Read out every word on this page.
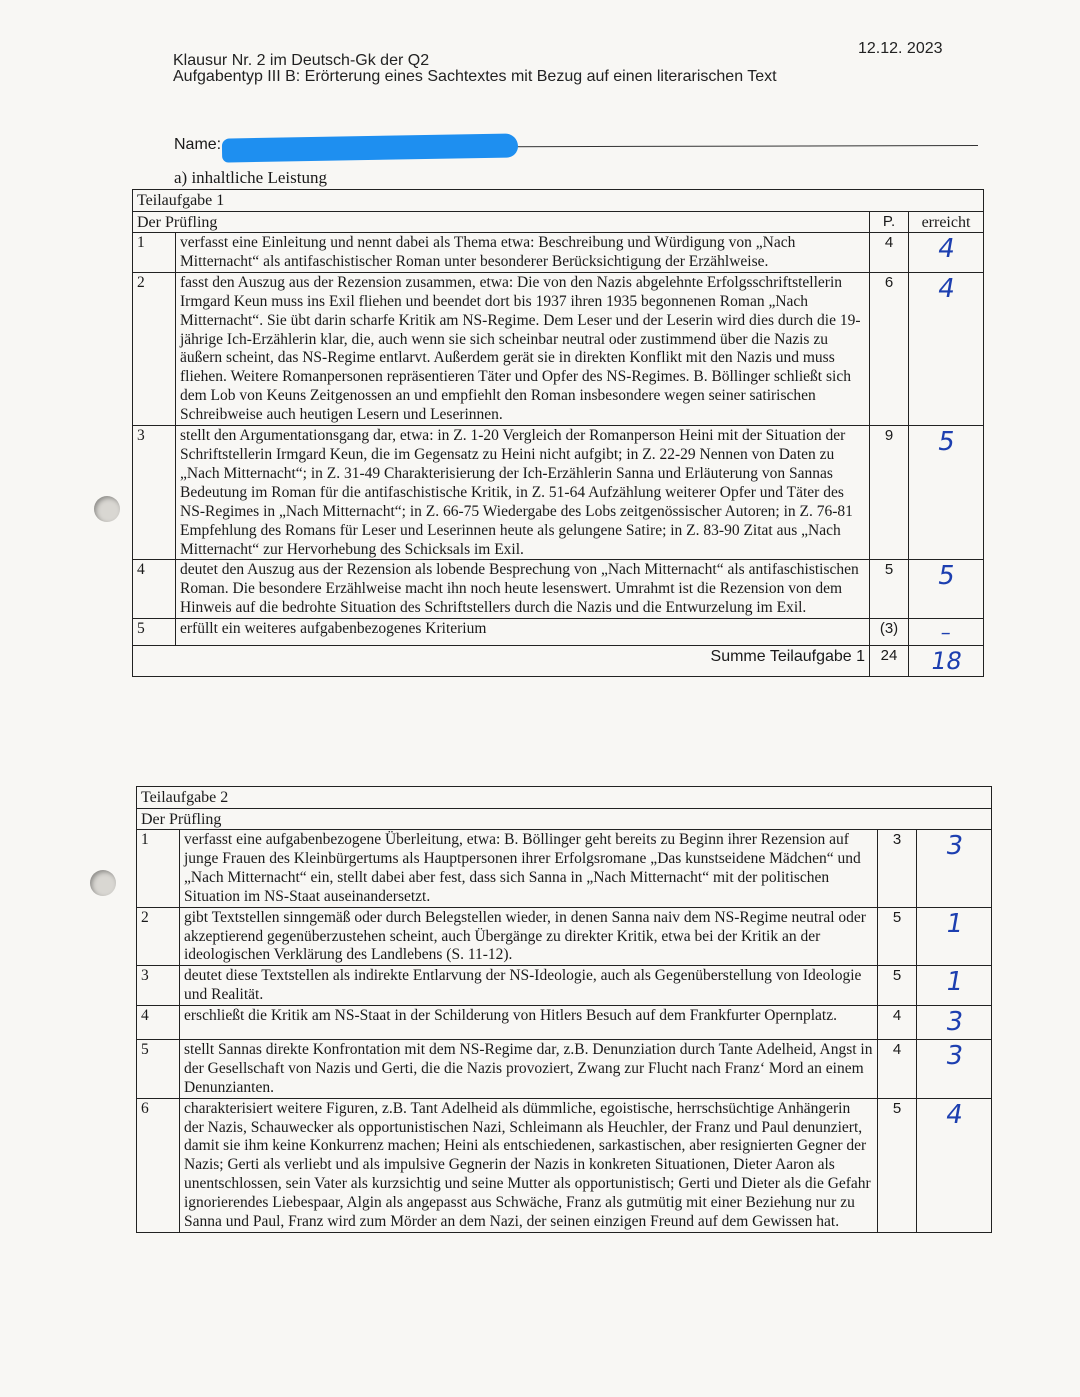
Klausur Nr. 2 im Deutsch-Gk der Q2
Aufgabentyp III B: Erörterung eines Sachtextes mit Bezug auf einen literarischen Text
12.12. 2023
Name:
a) inhaltliche Leistung
Teilaufgabe 1			
Der Prüfling		P.	erreicht
1	verfasst eine Einleitung und nennt dabei als Thema etwa: Beschreibung und Würdigung von „Nach Mitternacht“ als antifaschistischer Roman unter besonderer Berücksichtigung der Erzählweise.	4	4
2	fasst den Auszug aus der Rezension zusammen, etwa: Die von den Nazis abgelehnte Erfolgsschriftstellerin Irmgard Keun muss ins Exil fliehen und beendet dort bis 1937 ihren 1935 begonnenen Roman „Nach Mitternacht“. Sie übt darin scharfe Kritik am NS-Regime. Dem Leser und der Leserin wird dies durch die 19-jährige Ich-Erzählerin klar, die, auch wenn sie sich scheinbar neutral oder zustimmend über die Nazis zu äußern scheint, das NS-Regime entlarvt. Außerdem gerät sie in direkten Konflikt mit den Nazis und muss fliehen. Weitere Romanpersonen repräsentieren Täter und Opfer des NS-Regimes. B. Böllinger schließt sich dem Lob von Keuns Zeitgenossen an und empfiehlt den Roman insbesondere wegen seiner satirischen Schreibweise auch heutigen Lesern und Leserinnen.	6	4
3	stellt den Argumentationsgang dar, etwa: in Z. 1-20 Vergleich der Romanperson Heini mit der Situation der Schriftstellerin Irmgard Keun, die im Gegensatz zu Heini nicht aufgibt; in Z. 22-29 Nennen von Daten zu „Nach Mitternacht“; in Z. 31-49 Charakterisierung der Ich-Erzählerin Sanna und Erläuterung von Sannas Bedeutung im Roman für die antifaschistische Kritik, in Z. 51-64 Aufzählung weiterer Opfer und Täter des NS-Regimes in „Nach Mitternacht“; in Z. 66-75 Wiedergabe des Lobs zeitgenössischer Autoren; in Z. 76-81 Empfehlung des Romans für Leser und Leserinnen heute als gelungene Satire; in Z. 83-90 Zitat aus „Nach Mitternacht“ zur Hervorhebung des Schicksals im Exil.	9	5
4	deutet den Auszug aus der Rezension als lobende Besprechung von „Nach Mitternacht“ als antifaschistischen Roman. Die besondere Erzählweise macht ihn noch heute lesenswert. Umrahmt ist die Rezension von dem Hinweis auf die bedrohte Situation des Schriftstellers durch die Nazis und die Entwurzelung im Exil.	5	5
5	erfüllt ein weiteres aufgabenbezogenes Kriterium	(3)	–
Summe Teilaufgabe 1		24	18
Teilaufgabe 2			
Der Prüfling			
1	verfasst eine aufgabenbezogene Überleitung, etwa: B. Böllinger geht bereits zu Beginn ihrer Rezension auf junge Frauen des Kleinbürgertums als Hauptpersonen ihrer Erfolgsromane „Das kunstseidene Mädchen“ und „Nach Mitternacht“ ein, stellt dabei aber fest, dass sich Sanna in „Nach Mitternacht“ mit der politischen Situation im NS-Staat auseinandersetzt.	3	3
2	gibt Textstellen sinngemäß oder durch Belegstellen wieder, in denen Sanna naiv dem NS-Regime neutral oder akzeptierend gegenüberzustehen scheint, auch Übergänge zu direkter Kritik, etwa bei der Kritik an der ideologischen Verklärung des Landlebens (S. 11-12).	5	1
3	deutet diese Textstellen als indirekte Entlarvung der NS-Ideologie, auch als Gegenüberstellung von Ideologie und Realität.	5	1
4	erschließt die Kritik am NS-Staat in der Schilderung von Hitlers Besuch auf dem Frankfurter Opernplatz.	4	3
5	stellt Sannas direkte Konfrontation mit dem NS-Regime dar, z.B. Denunziation durch Tante Adelheid, Angst in der Gesellschaft von Nazis und Gerti, die die Nazis provoziert, Zwang zur Flucht nach Franz‘ Mord an einem Denunzianten.	4	3
6	charakterisiert weitere Figuren, z.B. Tant Adelheid als dümmliche, egoistische, herrschsüchtige Anhängerin der Nazis, Schauwecker als opportunistischen Nazi, Schleimann als Heuchler, der Franz und Paul denunziert, damit sie ihm keine Konkurrenz machen; Heini als entschiedenen, sarkastischen, aber resignierten Gegner der Nazis; Gerti als verliebt und als impulsive Gegnerin der Nazis in konkreten Situationen, Dieter Aaron als unentschlossen, sein Vater als kurzsichtig und seine Mutter als opportunistisch; Gerti und Dieter als die Gefahr ignorierendes Liebespaar, Algin als angepasst aus Schwäche, Franz als gutmütig mit einer Beziehung nur zu Sanna und Paul, Franz wird zum Mörder an dem Nazi, der seinen einzigen Freund auf dem Gewissen hat.	5	4
